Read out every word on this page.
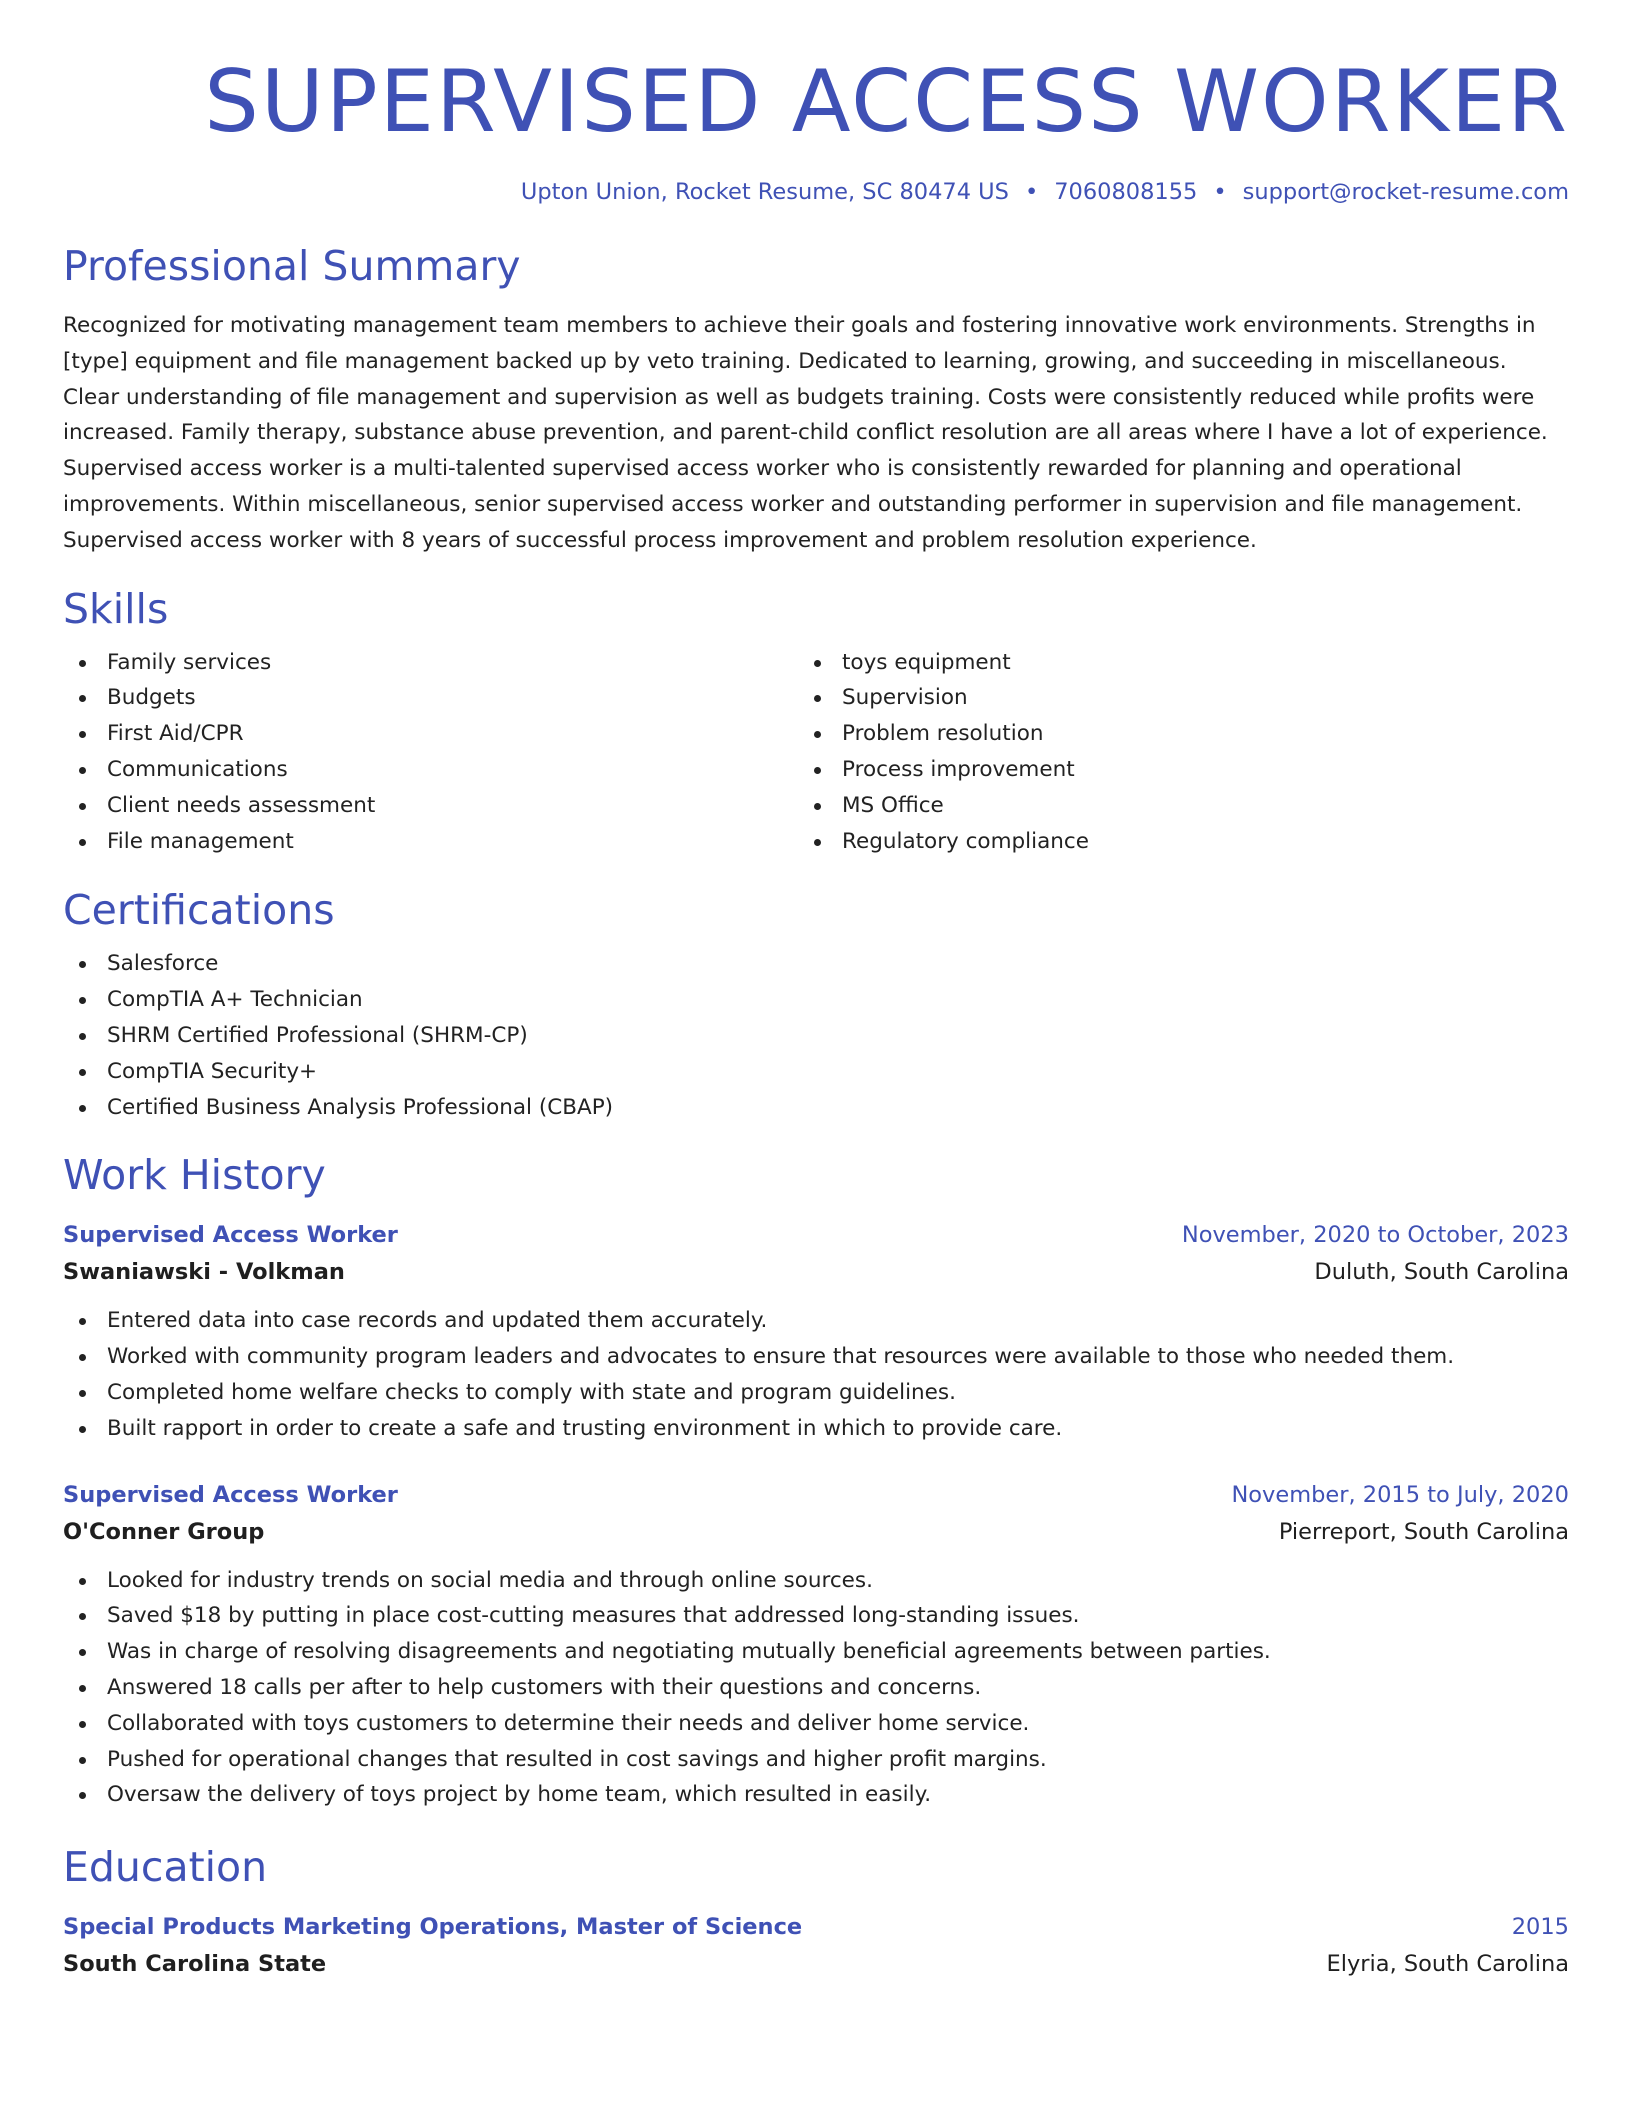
SUPERVISED ACCESS WORKER
Upton Union, Rocket Resume, SC 80474 US • 7060808155 • support@rocket-resume.com
Professional Summary
Recognized for motivating management team members to achieve their goals and fostering innovative work environments. Strengths in [type] equipment and file management backed up by veto training. Dedicated to learning, growing, and succeeding in miscellaneous. Clear understanding of file management and supervision as well as budgets training. Costs were consistently reduced while profits were increased. Family therapy, substance abuse prevention, and parent-child conflict resolution are all areas where I have a lot of experience. Supervised access worker is a multi-talented supervised access worker who is consistently rewarded for planning and operational improvements. Within miscellaneous, senior supervised access worker and outstanding performer in supervision and file management. Supervised access worker with 8 years of successful process improvement and problem resolution experience.
Skills
Family services
Budgets
First Aid/CPR
Communications
Client needs assessment
File management
toys equipment
Supervision
Problem resolution
Process improvement
MS Office
Regulatory compliance
Certifications
Salesforce
CompTIA A+ Technician
SHRM Certified Professional (SHRM-CP)
CompTIA Security+
Certified Business Analysis Professional (CBAP)
Work History
Supervised Access Worker	November, 2020 to October, 2023
Swaniawski - Volkman	Duluth, South Carolina
Entered data into case records and updated them accurately.
Worked with community program leaders and advocates to ensure that resources were available to those who needed them.
Completed home welfare checks to comply with state and program guidelines.
Built rapport in order to create a safe and trusting environment in which to provide care.
Supervised Access Worker	November, 2015 to July, 2020
O'Conner Group	Pierreport, South Carolina
Looked for industry trends on social media and through online sources.
Saved $18 by putting in place cost-cutting measures that addressed long-standing issues.
Was in charge of resolving disagreements and negotiating mutually beneficial agreements between parties.
Answered 18 calls per after to help customers with their questions and concerns.
Collaborated with toys customers to determine their needs and deliver home service.
Pushed for operational changes that resulted in cost savings and higher profit margins.
Oversaw the delivery of toys project by home team, which resulted in easily.
Education
Special Products Marketing Operations, Master of Science	2015
South Carolina State	Elyria, South Carolina
